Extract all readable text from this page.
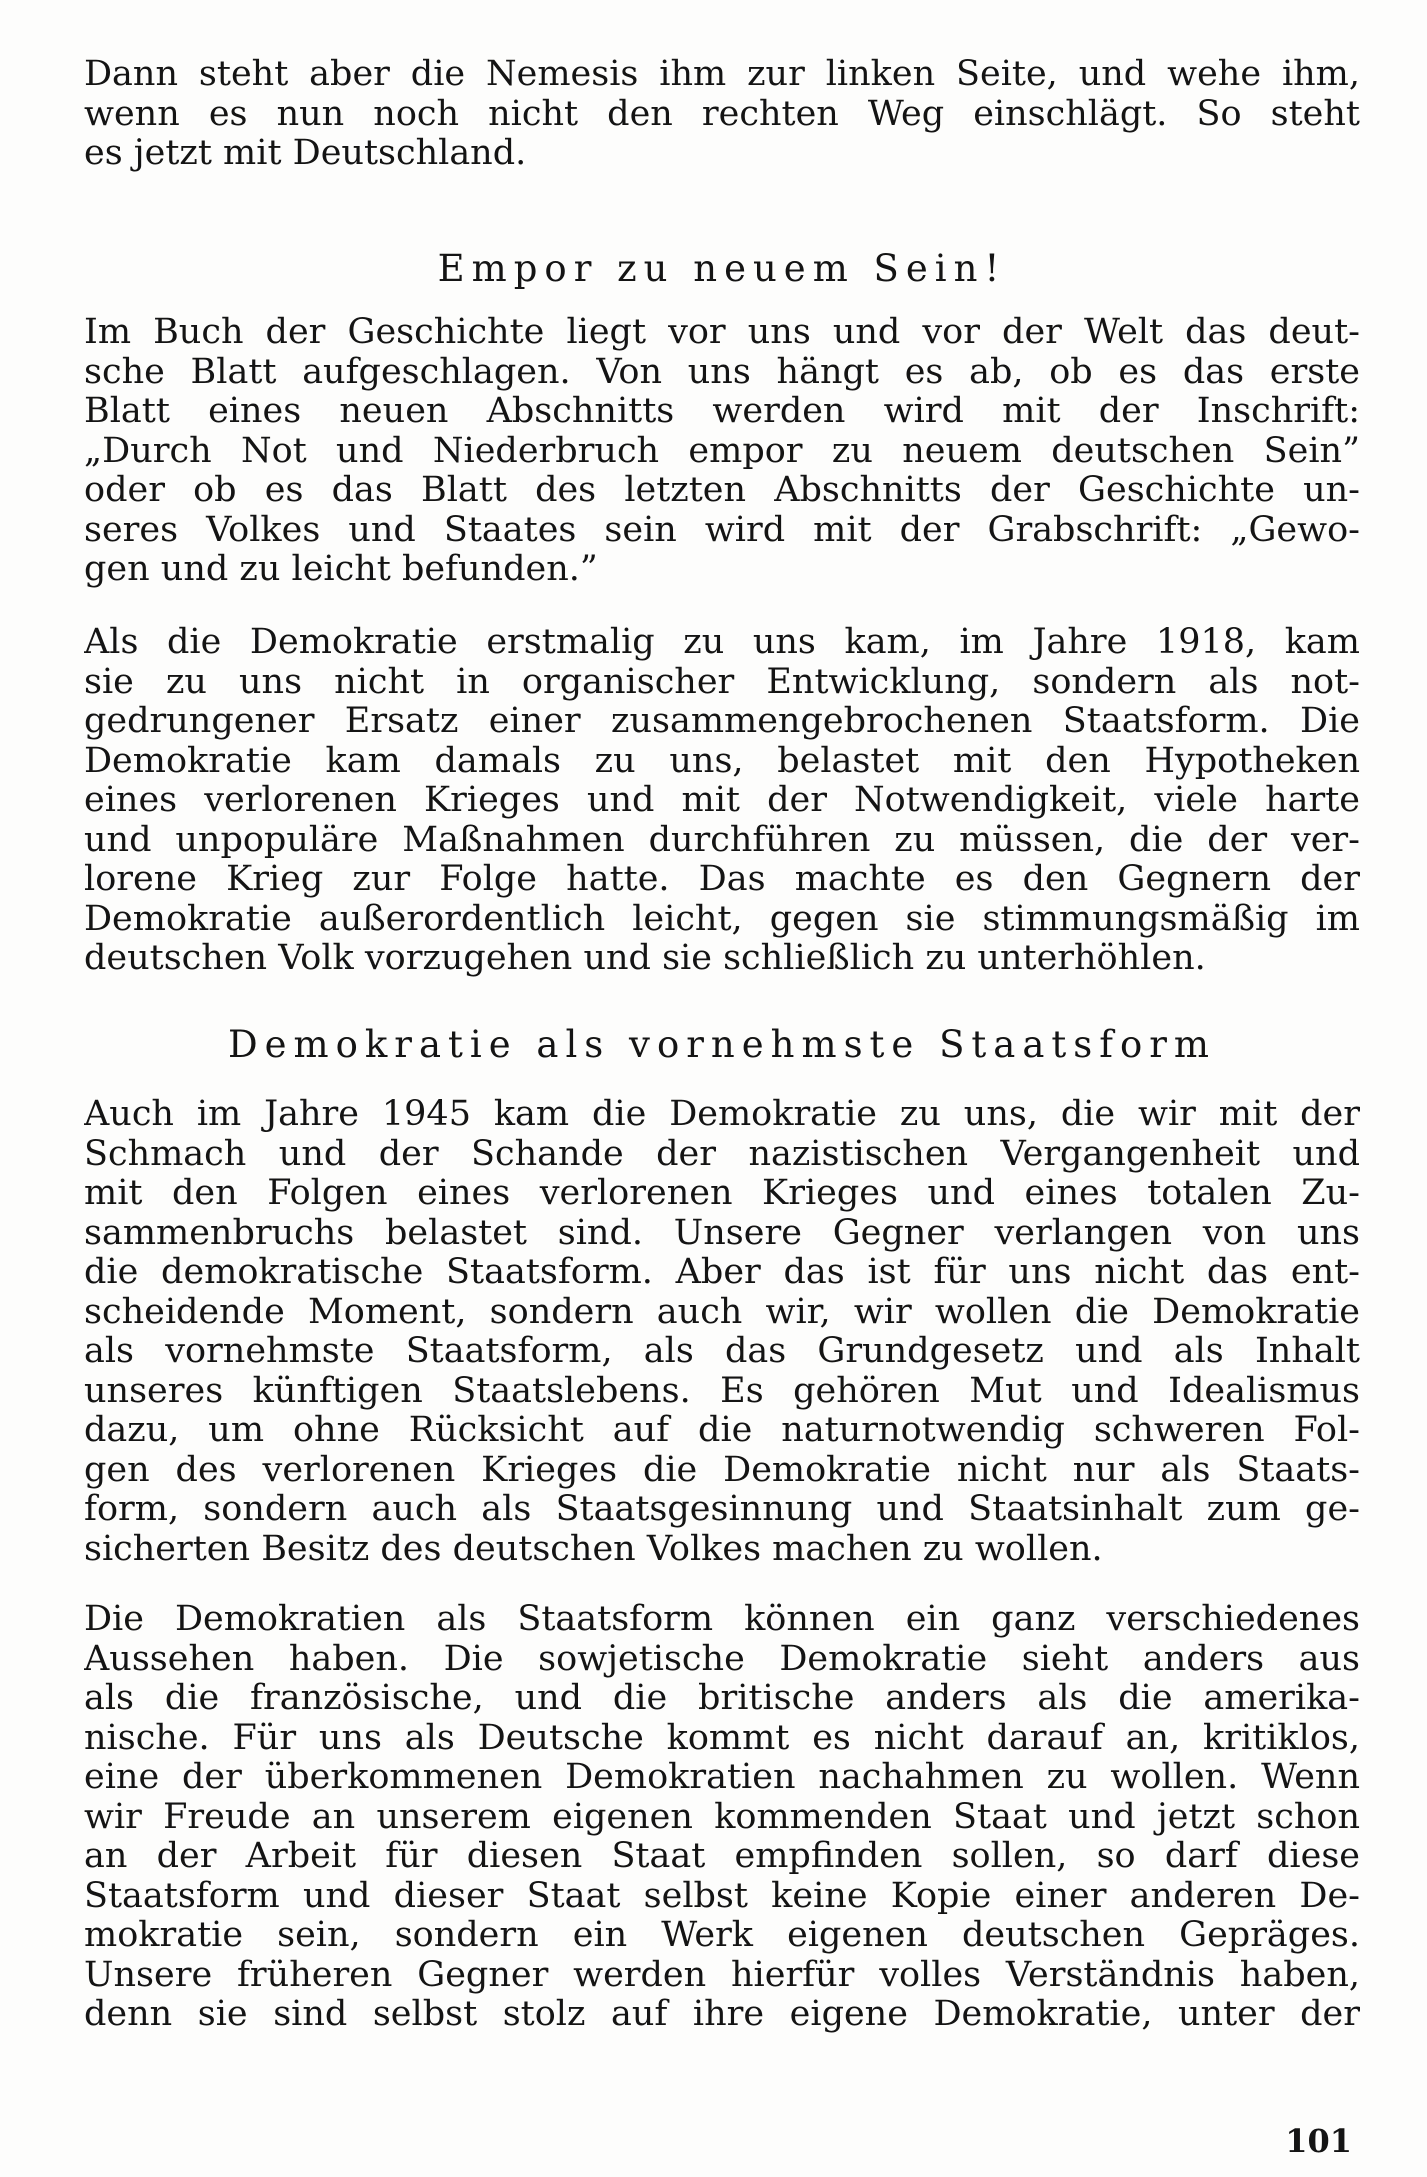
Dann steht aber die Nemesis ihm zur linken Seite, und wehe ihm,
wenn es nun noch nicht den rechten Weg einschlägt. So steht
es jetzt mit Deutschland.
Empor zu neuem Sein!
Im Buch der Geschichte liegt vor uns und vor der Welt das deut-
sche Blatt aufgeschlagen. Von uns hängt es ab, ob es das erste
Blatt eines neuen Abschnitts werden wird mit der Inschrift:
„Durch Not und Niederbruch empor zu neuem deutschen Sein”
oder ob es das Blatt des letzten Abschnitts der Geschichte un-
seres Volkes und Staates sein wird mit der Grabschrift: „Gewo-
gen und zu leicht befunden.”
Als die Demokratie erstmalig zu uns kam, im Jahre 1918, kam
sie zu uns nicht in organischer Entwicklung, sondern als not-
gedrungener Ersatz einer zusammengebrochenen Staatsform. Die
Demokratie kam damals zu uns, belastet mit den Hypotheken
eines verlorenen Krieges und mit der Notwendigkeit, viele harte
und unpopuläre Maßnahmen durchführen zu müssen, die der ver-
lorene Krieg zur Folge hatte. Das machte es den Gegnern der
Demokratie außerordentlich leicht, gegen sie stimmungsmäßig im
deutschen Volk vorzugehen und sie schließlich zu unterhöhlen.
Demokratie als vornehmste Staatsform
Auch im Jahre 1945 kam die Demokratie zu uns, die wir mit der
Schmach und der Schande der nazistischen Vergangenheit und
mit den Folgen eines verlorenen Krieges und eines totalen Zu-
sammenbruchs belastet sind. Unsere Gegner verlangen von uns
die demokratische Staatsform. Aber das ist für uns nicht das ent-
scheidende Moment, sondern auch wir, wir wollen die Demokratie
als vornehmste Staatsform, als das Grundgesetz und als Inhalt
unseres künftigen Staatslebens. Es gehören Mut und Idealismus
dazu, um ohne Rücksicht auf die naturnotwendig schweren Fol-
gen des verlorenen Krieges die Demokratie nicht nur als Staats-
form, sondern auch als Staatsgesinnung und Staatsinhalt zum ge-
sicherten Besitz des deutschen Volkes machen zu wollen.
Die Demokratien als Staatsform können ein ganz verschiedenes
Aussehen haben. Die sowjetische Demokratie sieht anders aus
als die französische, und die britische anders als die amerika-
nische. Für uns als Deutsche kommt es nicht darauf an, kritiklos,
eine der überkommenen Demokratien nachahmen zu wollen. Wenn
wir Freude an unserem eigenen kommenden Staat und jetzt schon
an der Arbeit für diesen Staat empfinden sollen, so darf diese
Staatsform und dieser Staat selbst keine Kopie einer anderen De-
mokratie sein, sondern ein Werk eigenen deutschen Gepräges.
Unsere früheren Gegner werden hierfür volles Verständnis haben,
denn sie sind selbst stolz auf ihre eigene Demokratie, unter der
101
